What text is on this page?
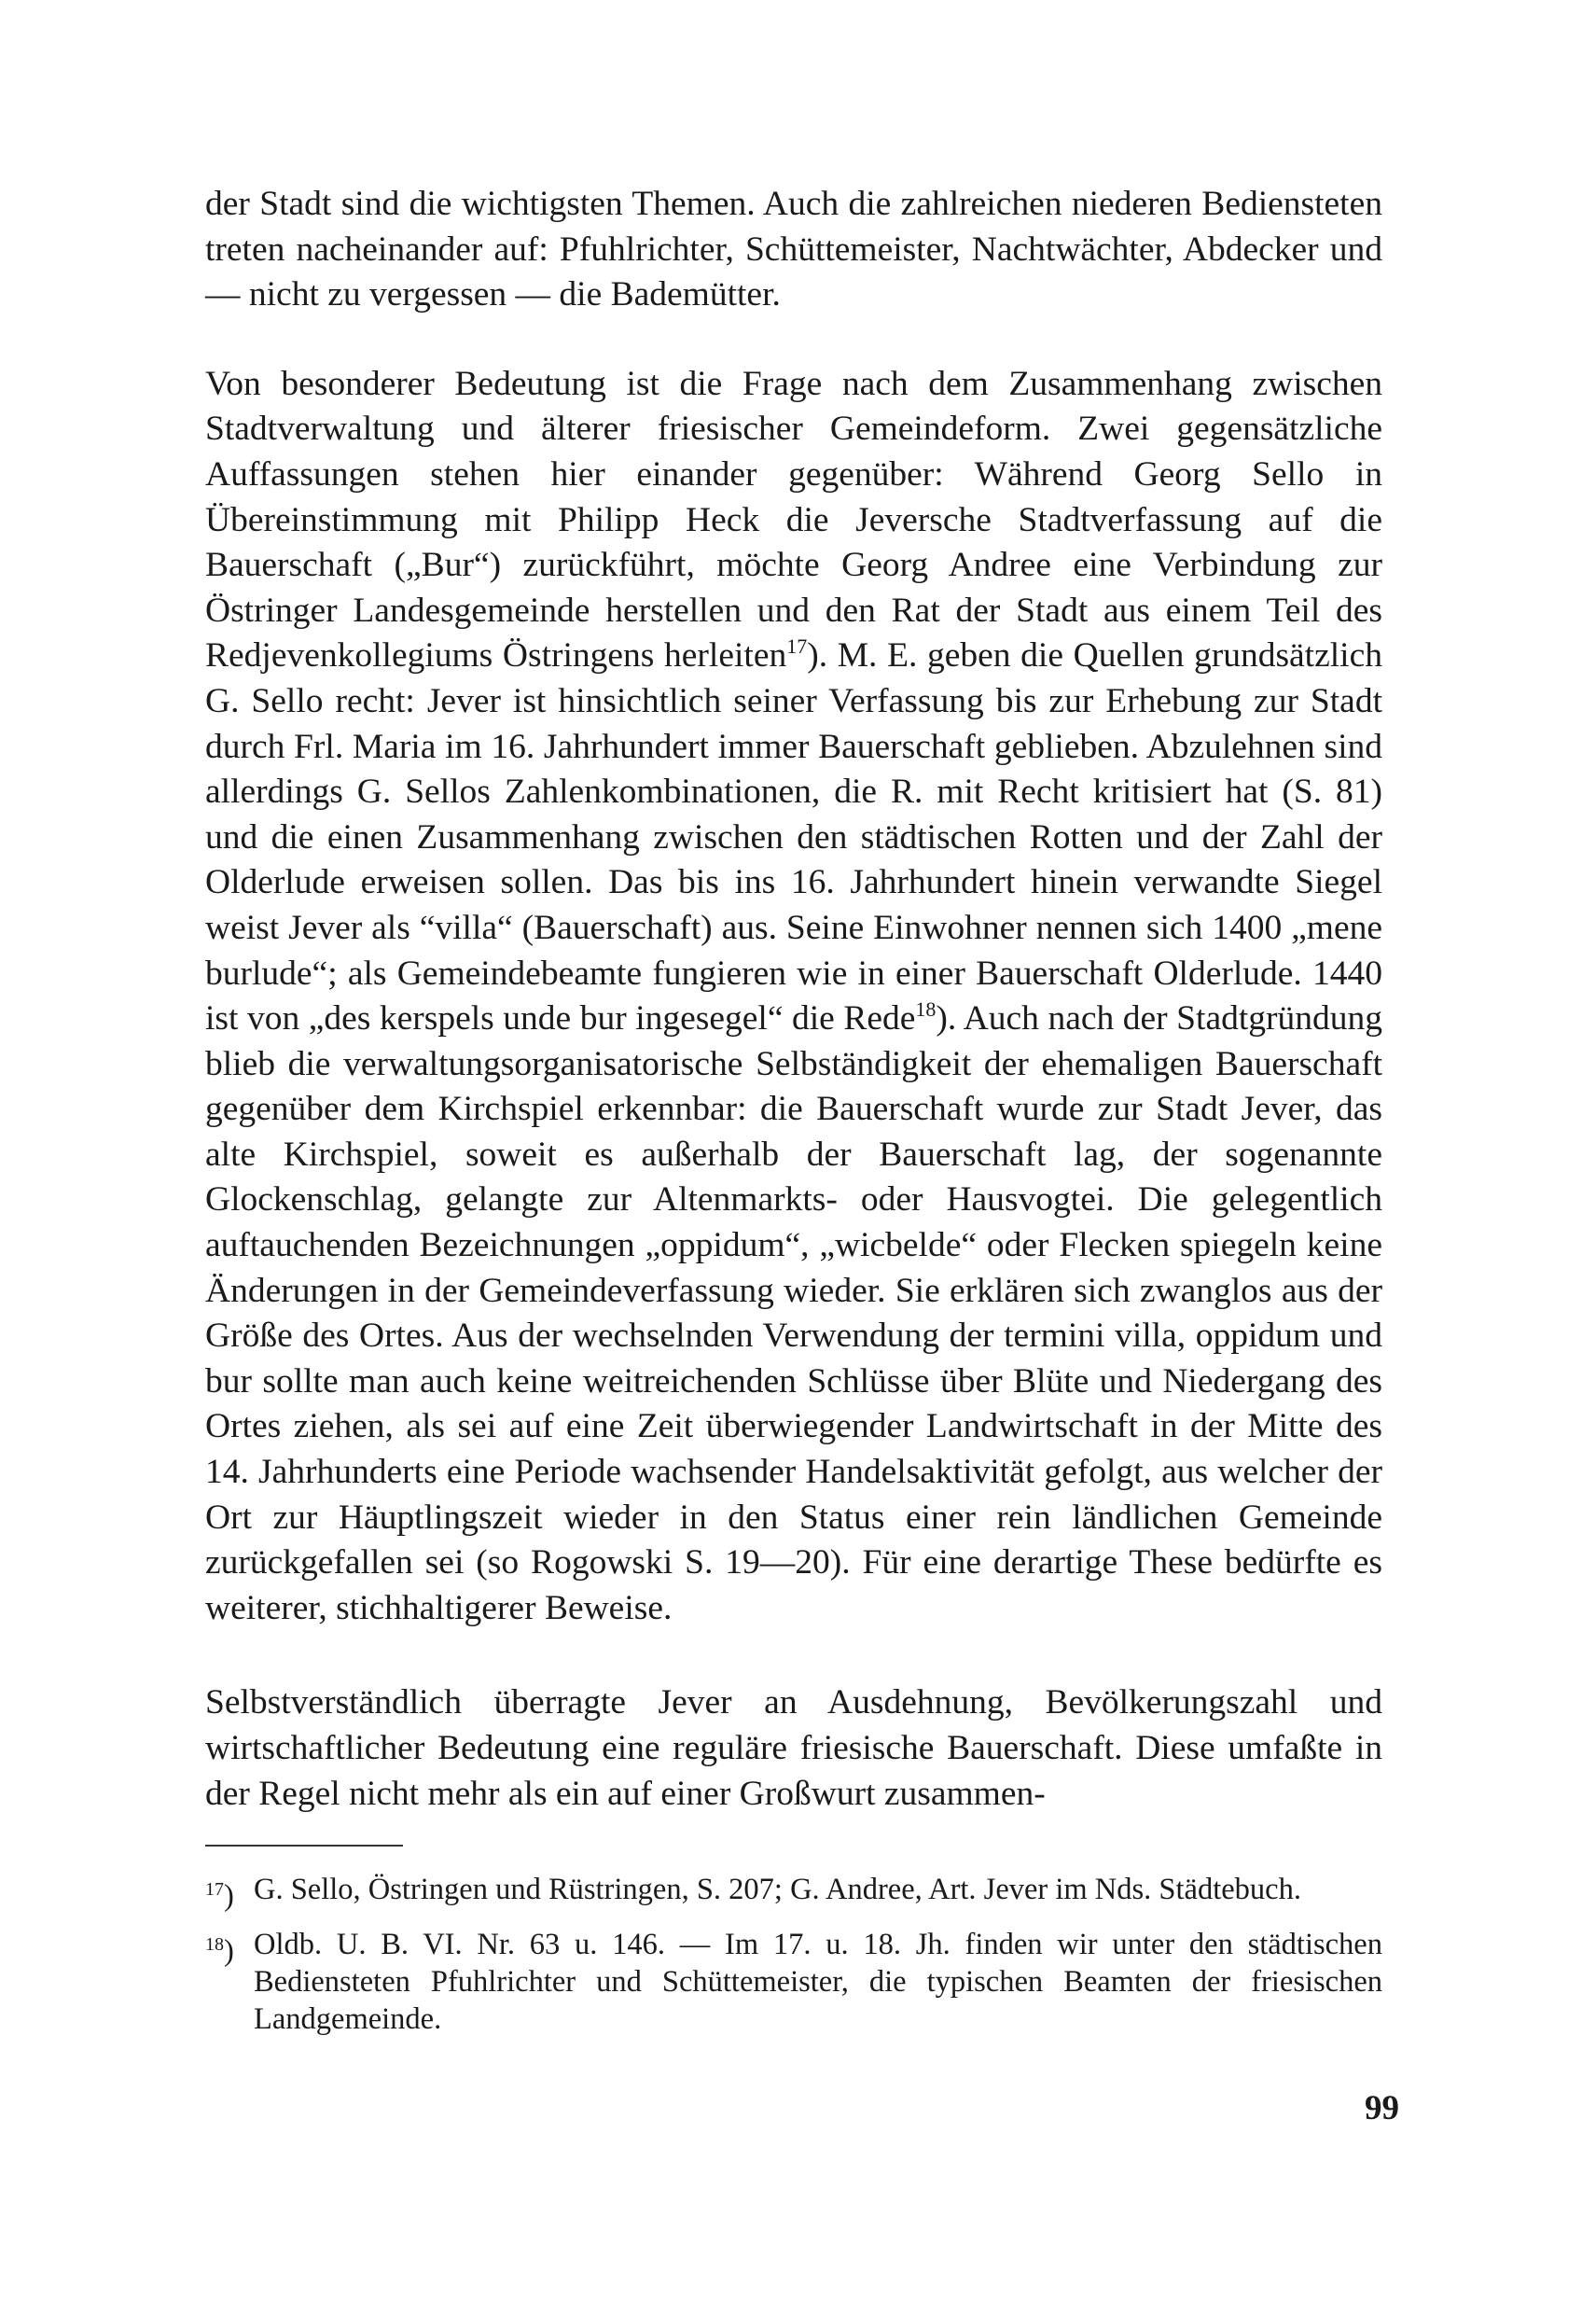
der Stadt sind die wichtigsten Themen. Auch die zahlreichen niederen Bediensteten treten nacheinander auf: Pfuhlrichter, Schüttemeister, Nachtwächter, Abdecker und — nicht zu vergessen — die Bademütter.

Von besonderer Bedeutung ist die Frage nach dem Zusammenhang zwischen Stadtverwaltung und älterer friesischer Gemeindeform. Zwei gegensätzliche Auffassungen stehen hier einander gegenüber: Während Georg Sello in Übereinstimmung mit Philipp Heck die Jeversche Stadtverfassung auf die Bauerschaft („Bur“) zurückführt, möchte Georg Andree eine Verbindung zur Östringer Landesgemeinde herstellen und den Rat der Stadt aus einem Teil des Redjevenkollegiums Östringens herleiten$^{17}$). M. E. geben die Quellen grundsätzlich G. Sello recht: Jever ist hinsichtlich seiner Verfassung bis zur Erhebung zur Stadt durch Frl. Maria im 16. Jahrhundert immer Bauerschaft geblieben. Abzulehnen sind allerdings G. Sellos Zahlenkombinationen, die R. mit Recht kritisiert hat (S. 81) und die einen Zusammenhang zwischen den städtischen Rotten und der Zahl der Olderlude erweisen sollen. Das bis ins 16. Jahrhundert hinein verwandte Siegel weist Jever als “villa“ (Bauerschaft) aus. Seine Einwohner nennen sich 1400 „mene burlude“; als Gemeindebeamte fungieren wie in einer Bauerschaft Olderlude. 1440 ist von „des kerspels unde bur ingesegel“ die Rede$^{18}$). Auch nach der Stadtgründung blieb die verwaltungsorganisatorische Selbständigkeit der ehemaligen Bauerschaft gegenüber dem Kirchspiel erkennbar: die Bauerschaft wurde zur Stadt Jever, das alte Kirchspiel, soweit es außerhalb der Bauerschaft lag, der sogenannte Glockenschlag, gelangte zur Altenmarkts- oder Hausvogtei. Die gelegentlich auftauchenden Bezeichnungen „oppidum“, „wicbelde“ oder Flecken spiegeln keine Änderungen in der Gemeindeverfassung wieder. Sie erklären sich zwanglos aus der Größe des Ortes. Aus der wechselnden Verwendung der termini villa, oppidum und bur sollte man auch keine weitreichenden Schlüsse über Blüte und Niedergang des Ortes ziehen, als sei auf eine Zeit überwiegender Landwirtschaft in der Mitte des 14. Jahrhunderts eine Periode wachsender Handelsaktivität gefolgt, aus welcher der Ort zur Häuptlingszeit wieder in den Status einer rein ländlichen Gemeinde zurückgefallen sei (so Rogowski S. 19—20). Für eine derartige These bedürfte es weiterer, stichhaltigerer Beweise.

Selbstverständlich überragte Jever an Ausdehnung, Bevölkerungszahl und wirtschaftlicher Bedeutung eine reguläre friesische Bauerschaft. Diese umfaßte in der Regel nicht mehr als ein auf einer Großwurt zusammen-

$^{17}$) G. Sello, Östringen und Rüstringen, S. 207; G. Andree, Art. Jever im Nds. Städtebuch.
$^{18}$) Oldb. U. B. VI. Nr. 63 u. 146. — Im 17. u. 18. Jh. finden wir unter den städtischen Bediensteten Pfuhlrichter und Schüttemeister, die typischen Beamten der friesischen Landgemeinde.
99
